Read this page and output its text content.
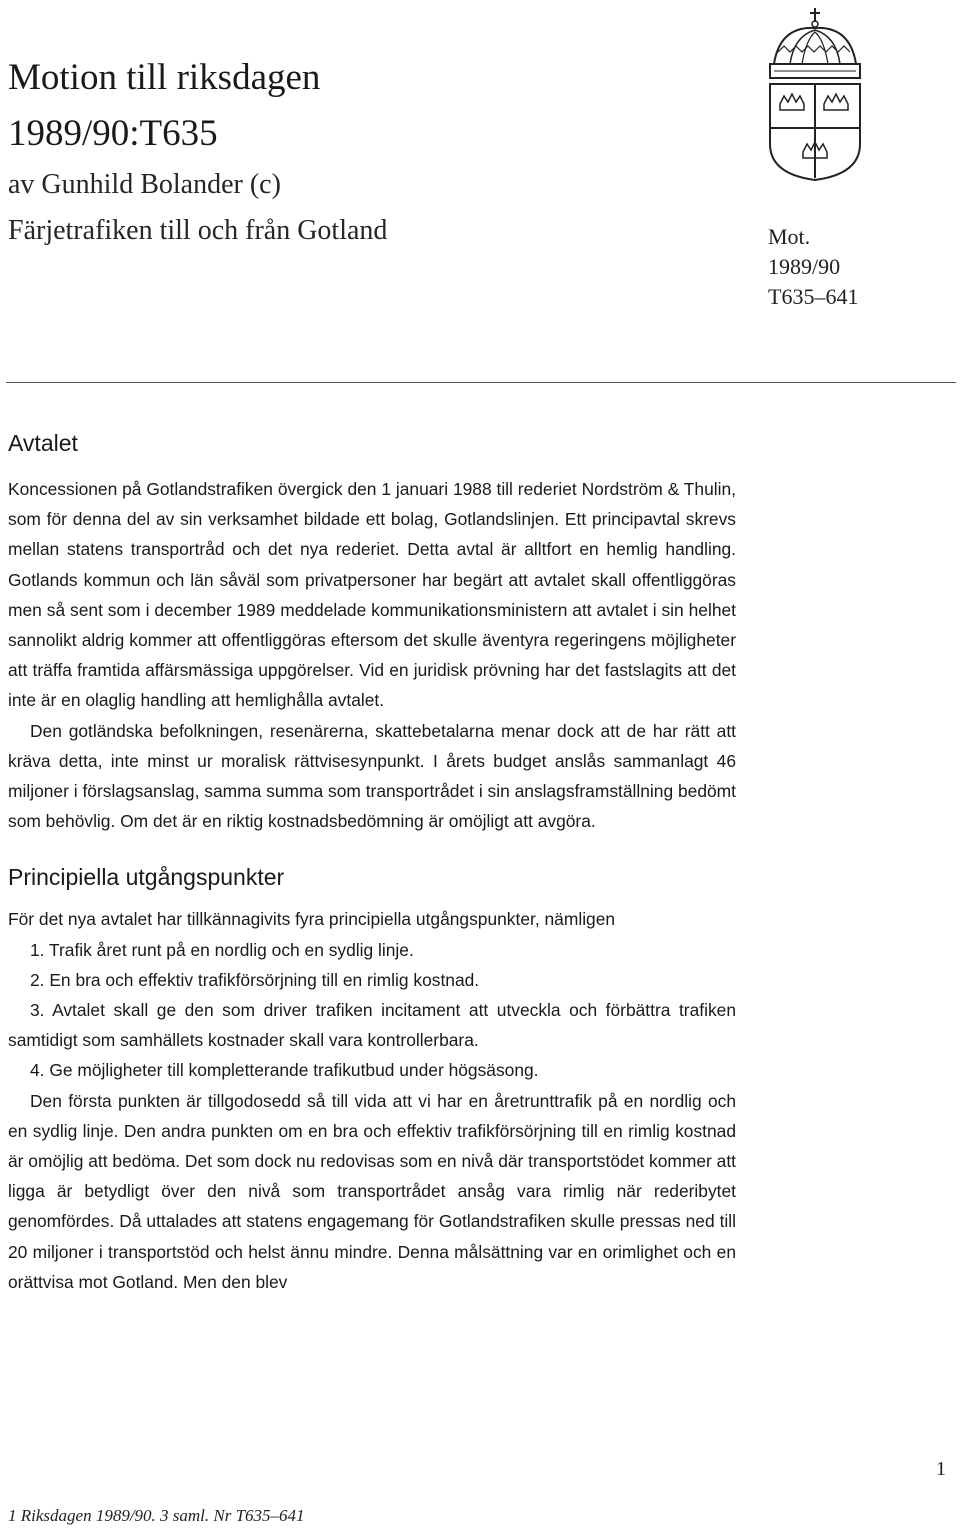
Motion till riksdagen
1989/90:T635
av Gunhild Bolander (c)
Färjetrafiken till och från Gotland	Mot.
1989/90
T635–641
Avtalet

Koncessionen på Gotlandstrafiken övergick den 1 januari 1988 till rederiet Nordström & Thulin, som för denna del av sin verksamhet bildade ett bolag, Gotlandslinjen. Ett principavtal skrevs mellan statens transportråd och det nya rederiet. Detta avtal är alltfort en hemlig handling. Gotlands kommun och län såväl som privatpersoner har begärt att avtalet skall offentliggöras men så sent som i december 1989 meddelade kommunikationsministern att avtalet i sin helhet sannolikt aldrig kommer att offentliggöras eftersom det skulle äventyra regeringens möjligheter att träffa framtida affärsmässiga uppgörelser. Vid en juridisk prövning har det fastslagits att det inte är en olaglig handling att hemlighålla avtalet.

Den gotländska befolkningen, resenärerna, skattebetalarna menar dock att de har rätt att kräva detta, inte minst ur moralisk rättvisesynpunkt. I årets budget anslås sammanlagt 46 miljoner i förslagsanslag, samma summa som transportrådet i sin anslagsframställning bedömt som behövlig. Om det är en riktig kostnadsbedömning är omöjligt att avgöra.

Principiella utgångspunkter

För det nya avtalet har tillkännagivits fyra principiella utgångspunkter, nämligen

1. Trafik året runt på en nordlig och en sydlig linje.

2. En bra och effektiv trafikförsörjning till en rimlig kostnad.

3. Avtalet skall ge den som driver trafiken incitament att utveckla och förbättra trafiken samtidigt som samhällets kostnader skall vara kontrollerbara.

4. Ge möjligheter till kompletterande trafikutbud under högsäsong.

Den första punkten är tillgodosedd så till vida att vi har en åretrunttrafik på en nordlig och en sydlig linje. Den andra punkten om en bra och effektiv trafikförsörjning till en rimlig kostnad är omöjlig att bedöma. Det som dock nu redovisas som en nivå där transportstödet kommer att ligga är betydligt över den nivå som transportrådet ansåg vara rimlig när rederibytet genomfördes. Då uttalades att statens engagemang för Gotlandstrafiken skulle pressas ned till 20 miljoner i transportstöd och helst ännu mindre. Denna målsättning var en orimlighet och en orättvisa mot Gotland. Men den blev

1
1 Riksdagen 1989/90. 3 saml. Nr T635–641
